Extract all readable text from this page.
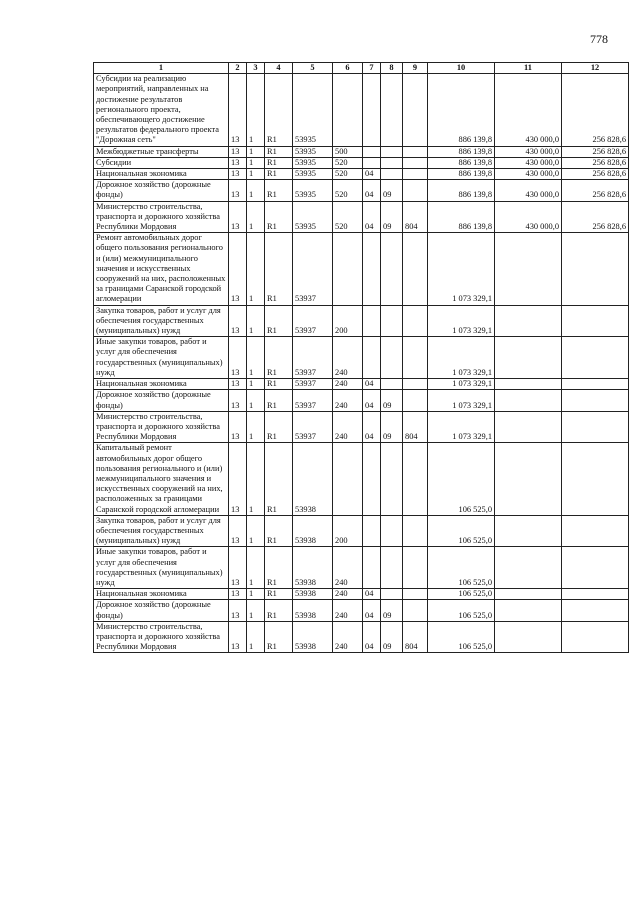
778
1	2	3	4	5	6	7	8	9	10	11	12
Субсидии на реализацию мероприятий, направленных на достижение результатов регионального проекта, обеспечивающего достижение результатов федерального проекта "Дорожная сеть"	13	1	R1	53935					886 139,8	430 000,0	256 828,6
Межбюджетные трансферты	13	1	R1	53935	500				886 139,8	430 000,0	256 828,6
Субсидии	13	1	R1	53935	520				886 139,8	430 000,0	256 828,6
Национальная экономика	13	1	R1	53935	520	04			886 139,8	430 000,0	256 828,6
Дорожное хозяйство (дорожные фонды)	13	1	R1	53935	520	04	09		886 139,8	430 000,0	256 828,6
Министерство строительства, транспорта и дорожного хозяйства Республики Мордовия	13	1	R1	53935	520	04	09	804	886 139,8	430 000,0	256 828,6
Ремонт автомобильных дорог общего пользования регионального и (или) межмуниципального значения и искусственных сооружений на них, расположенных за границами Саранской городской агломерации	13	1	R1	53937					1 073 329,1		
Закупка товаров, работ и услуг для обеспечения государственных (муниципальных) нужд	13	1	R1	53937	200				1 073 329,1		
Иные закупки товаров, работ и услуг для обеспечения государственных (муниципальных) нужд	13	1	R1	53937	240				1 073 329,1		
Национальная экономика	13	1	R1	53937	240	04			1 073 329,1		
Дорожное хозяйство (дорожные фонды)	13	1	R1	53937	240	04	09		1 073 329,1		
Министерство строительства, транспорта и дорожного хозяйства Республики Мордовия	13	1	R1	53937	240	04	09	804	1 073 329,1		
Капитальный ремонт автомобильных дорог общего пользования регионального и (или) межмуниципального значения и искусственных сооружений на них, расположенных за границами Саранской городской агломерации	13	1	R1	53938					106 525,0		
Закупка товаров, работ и услуг для обеспечения государственных (муниципальных) нужд	13	1	R1	53938	200				106 525,0		
Иные закупки товаров, работ и услуг для обеспечения государственных (муниципальных) нужд	13	1	R1	53938	240				106 525,0		
Национальная экономика	13	1	R1	53938	240	04			106 525,0		
Дорожное хозяйство (дорожные фонды)	13	1	R1	53938	240	04	09		106 525,0		
Министерство строительства, транспорта и дорожного хозяйства Республики Мордовия	13	1	R1	53938	240	04	09	804	106 525,0		
